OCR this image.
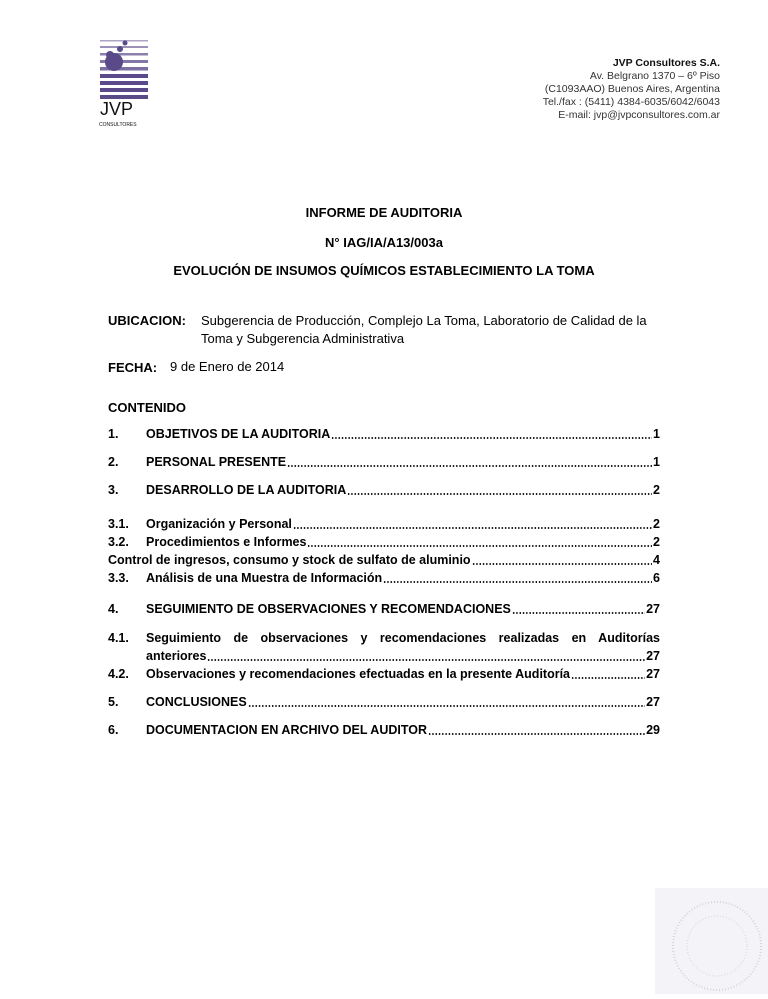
JVP
CONSULTORES
JVP Consultores S.A.
Av. Belgrano 1370 – 6º Piso
(C1093AAO) Buenos Aires, Argentina
Tel./fax : (5411) 4384-6035/6042/6043
E-mail: jvp@jvpconsultores.com.ar
INFORME DE AUDITORIA
N° IAG/IA/A13/003a
EVOLUCIÓN DE INSUMOS QUÍMICOS ESTABLECIMIENTO LA TOMA
UBICACION: Subgerencia de Producción, Complejo La Toma, Laboratorio de Calidad de la
Toma y Subgerencia Administrativa
FECHA: 9 de Enero de 2014
CONTENIDO
1.	OBJETIVOS DE LA AUDITORIA	1
2.	PERSONAL PRESENTE	1
3.	DESARROLLO DE LA AUDITORIA	2
3.1.	Organización y Personal	2
3.2.	Procedimientos e Informes	2
Control de ingresos, consumo y stock de sulfato de aluminio	4
3.3.	Análisis de una Muestra de Información	6
4.	SEGUIMIENTO DE OBSERVACIONES Y RECOMENDACIONES	27
4.1.	Seguimiento de observaciones y recomendaciones realizadas en Auditorías
anteriores	27
4.2.	Observaciones y recomendaciones efectuadas en la presente Auditoría	27
5.	CONCLUSIONES	27
6.	DOCUMENTACION EN ARCHIVO DEL AUDITOR	29
